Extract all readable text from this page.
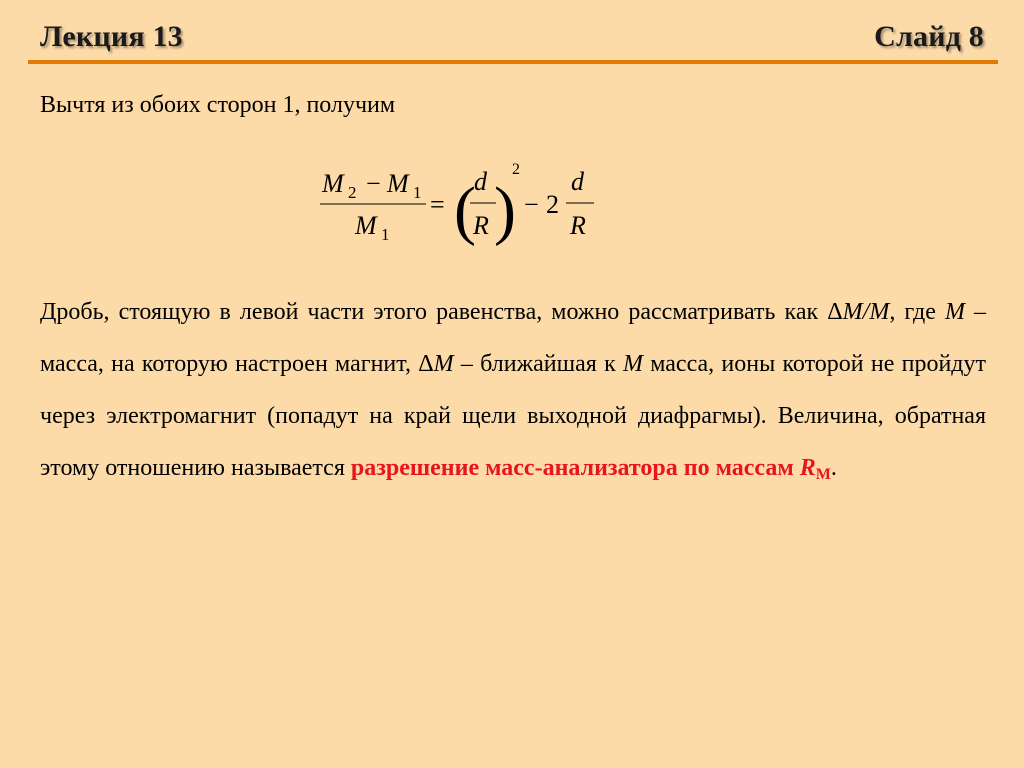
Лекция 13	Слайд 8
Вычтя из обоих сторон 1, получим
M 2 − M 1
M 1
= (
d
R )
2
− 2
d
R
Дробь, стоящую в левой части этого равенства, можно рассматривать как ΔM/M, где M – масса, на которую настроен магнит, ΔM – ближайшая к M масса, ионы которой не пройдут через электромагнит (попадут на край щели выходной диафрагмы). Величина, обратная этому отношению называется разрешение масс-анализатора по массам $R_М$.
